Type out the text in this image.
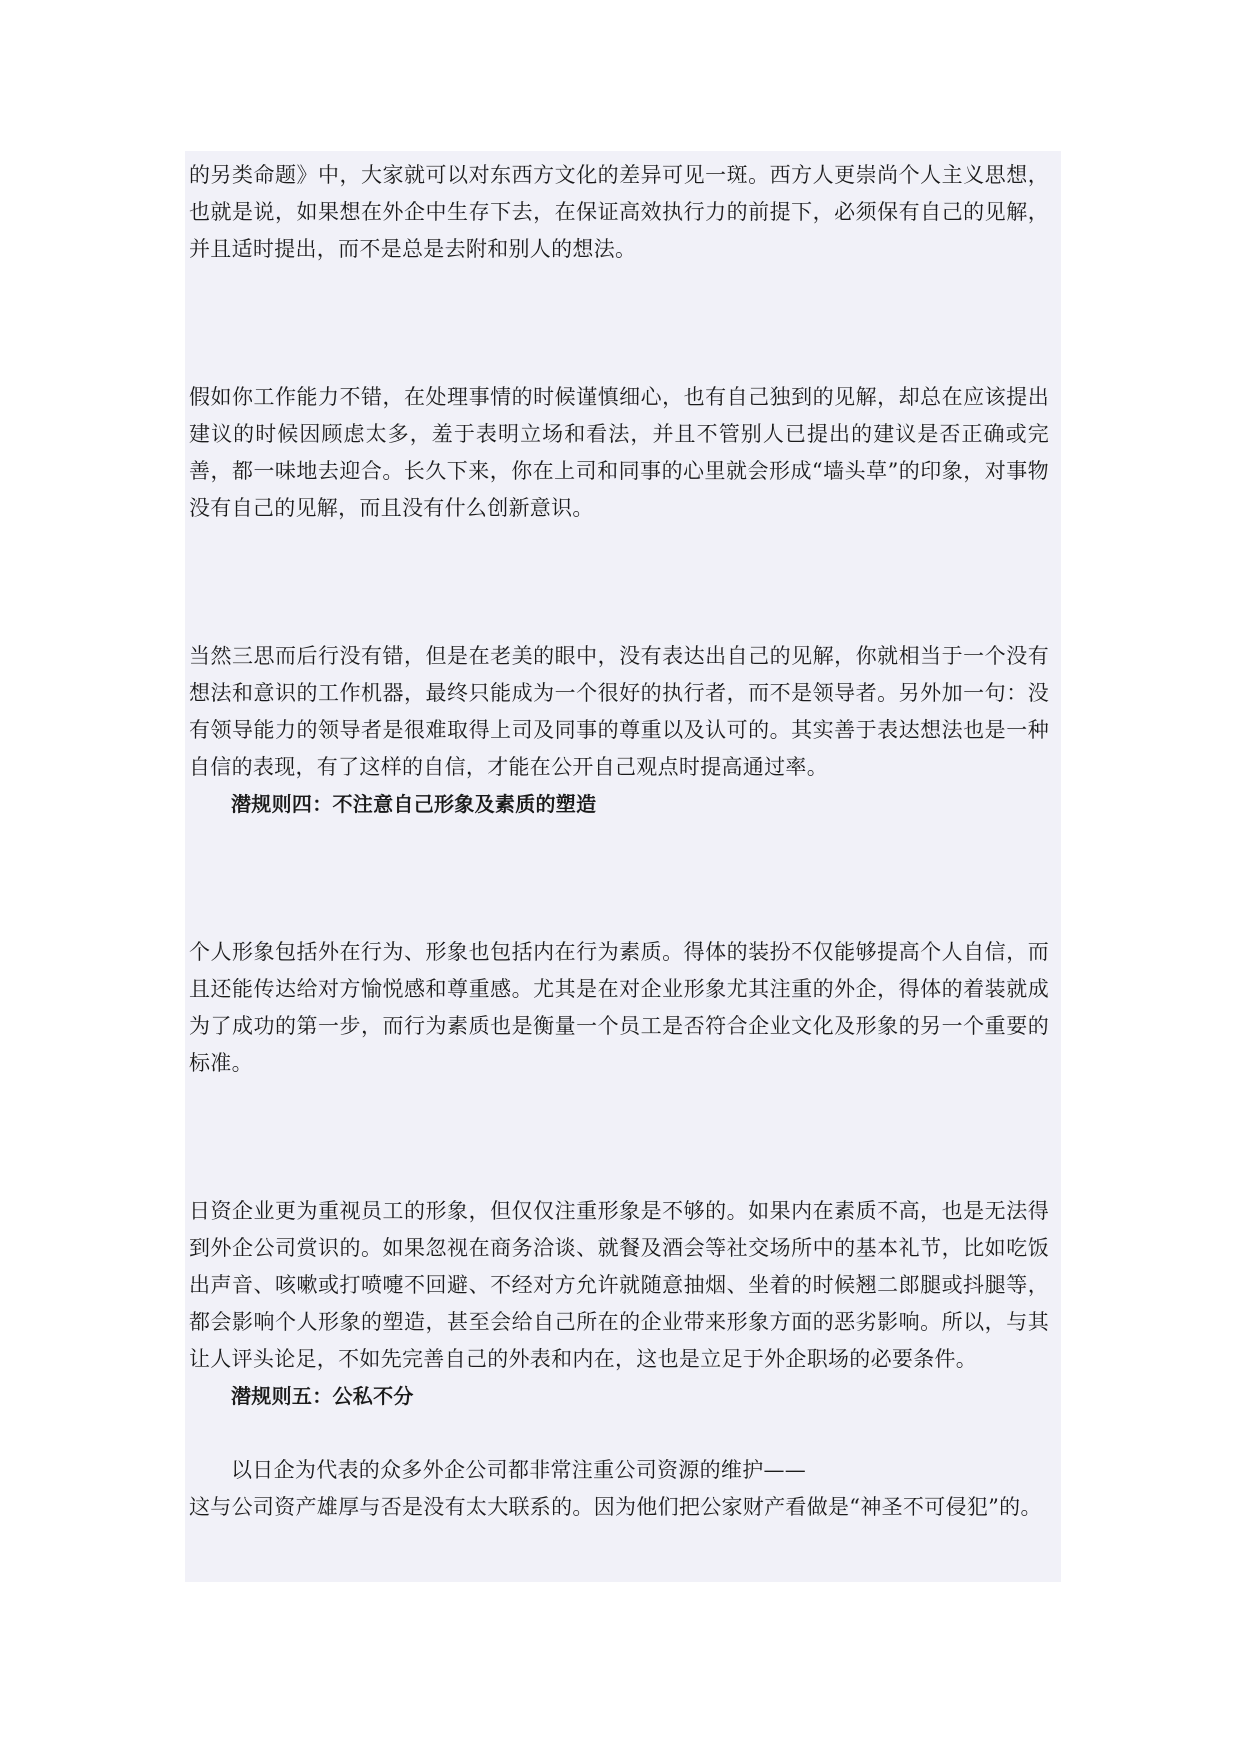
的另类命题》中，大家就可以对东西方文化的差异可见一斑。西方人更崇尚个人主义思想，也就是说，如果想在外企中生存下去，在保证高效执行力的前提下，必须保有自己的见解，并且适时提出，而不是总是去附和别人的想法。

假如你工作能力不错，在处理事情的时候谨慎细心，也有自己独到的见解，却总在应该提出建议的时候因顾虑太多，羞于表明立场和看法，并且不管别人已提出的建议是否正确或完善，都一味地去迎合。长久下来，你在上司和同事的心里就会形成“墙头草”的印象，对事物没有自己的见解，而且没有什么创新意识。

当然三思而后行没有错，但是在老美的眼中，没有表达出自己的见解，你就相当于一个没有想法和意识的工作机器，最终只能成为一个很好的执行者，而不是领导者。另外加一句：没有领导能力的领导者是很难取得上司及同事的尊重以及认可的。其实善于表达想法也是一种自信的表现，有了这样的自信，才能在公开自己观点时提高通过率。

潜规则四：不注意自己形象及素质的塑造

个人形象包括外在行为、形象也包括内在行为素质。得体的装扮不仅能够提高个人自信，而且还能传达给对方愉悦感和尊重感。尤其是在对企业形象尤其注重的外企，得体的着装就成为了成功的第一步，而行为素质也是衡量一个员工是否符合企业文化及形象的另一个重要的标准。

日资企业更为重视员工的形象，但仅仅注重形象是不够的。如果内在素质不高，也是无法得到外企公司赏识的。如果忽视在商务洽谈、就餐及酒会等社交场所中的基本礼节，比如吃饭出声音、咳嗽或打喷嚏不回避、不经对方允许就随意抽烟、坐着的时候翘二郎腿或抖腿等，都会影响个人形象的塑造，甚至会给自己所在的企业带来形象方面的恶劣影响。所以，与其让人评头论足，不如先完善自己的外表和内在，这也是立足于外企职场的必要条件。

潜规则五：公私不分

以日企为代表的众多外企公司都非常注重公司资源的维护——

这与公司资产雄厚与否是没有太大联系的。因为他们把公家财产看做是“神圣不可侵犯”的。
